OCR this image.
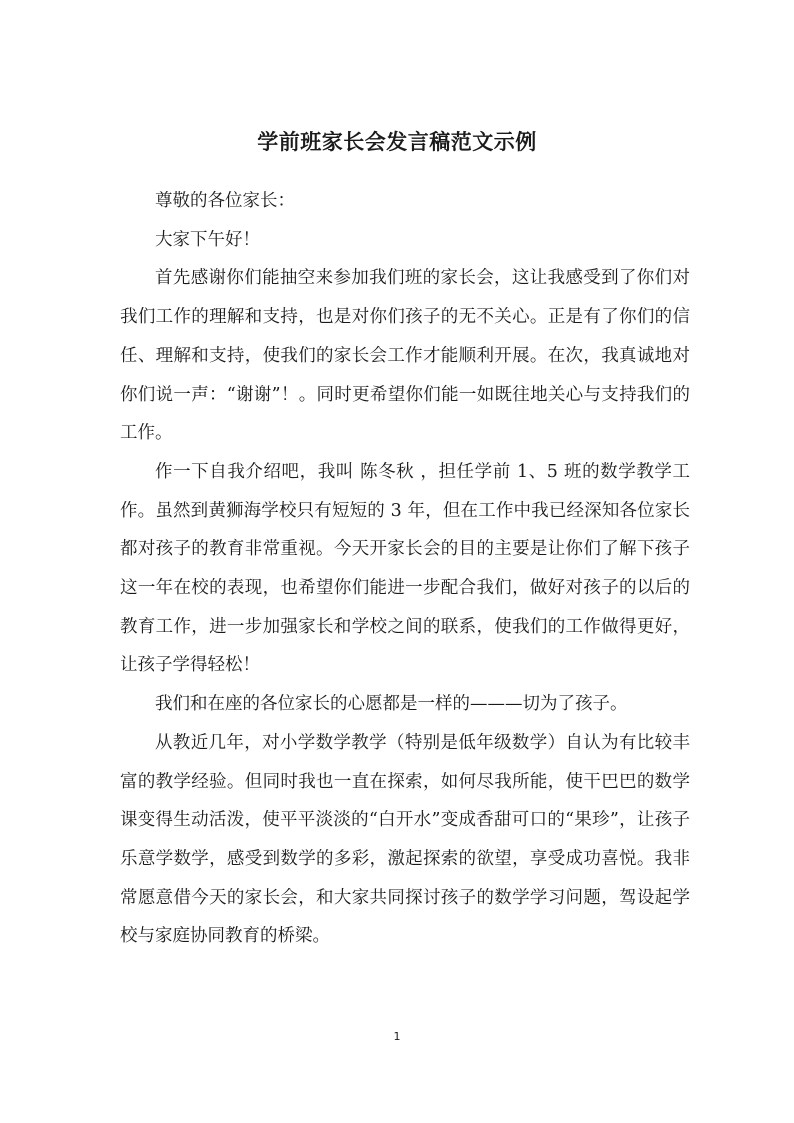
学前班家长会发言稿范文示例

尊敬的各位家长：

大家下午好！

首先感谢你们能抽空来参加我们班的家长会，这让我感受到了你们对我们工作的理解和支持，也是对你们孩子的无不关心。正是有了你们的信任、理解和支持，使我们的家长会工作才能顺利开展。在次，我真诚地对你们说一声：“谢谢”！。同时更希望你们能一如既往地关心与支持我们的工作。

作一下自我介绍吧，我叫 陈冬秋 ，担任学前 1、5 班的数学教学工作。虽然到黄狮海学校只有短短的 3 年，但在工作中我已经深知各位家长都对孩子的教育非常重视。今天开家长会的目的主要是让你们了解下孩子这一年在校的表现，也希望你们能进一步配合我们，做好对孩子的以后的教育工作，进一步加强家长和学校之间的联系，使我们的工作做得更好，让孩子学得轻松！

我们和在座的各位家长的心愿都是一样的———切为了孩子。

从教近几年，对小学数学教学（特别是低年级数学）自认为有比较丰富的教学经验。但同时我也一直在探索，如何尽我所能，使干巴巴的数学课变得生动活泼，使平平淡淡的“白开水”变成香甜可口的“果珍”，让孩子乐意学数学，感受到数学的多彩，激起探索的欲望，享受成功喜悦。我非常愿意借今天的家长会，和大家共同探讨孩子的数学学习问题，驾设起学校与家庭协同教育的桥梁。

1
